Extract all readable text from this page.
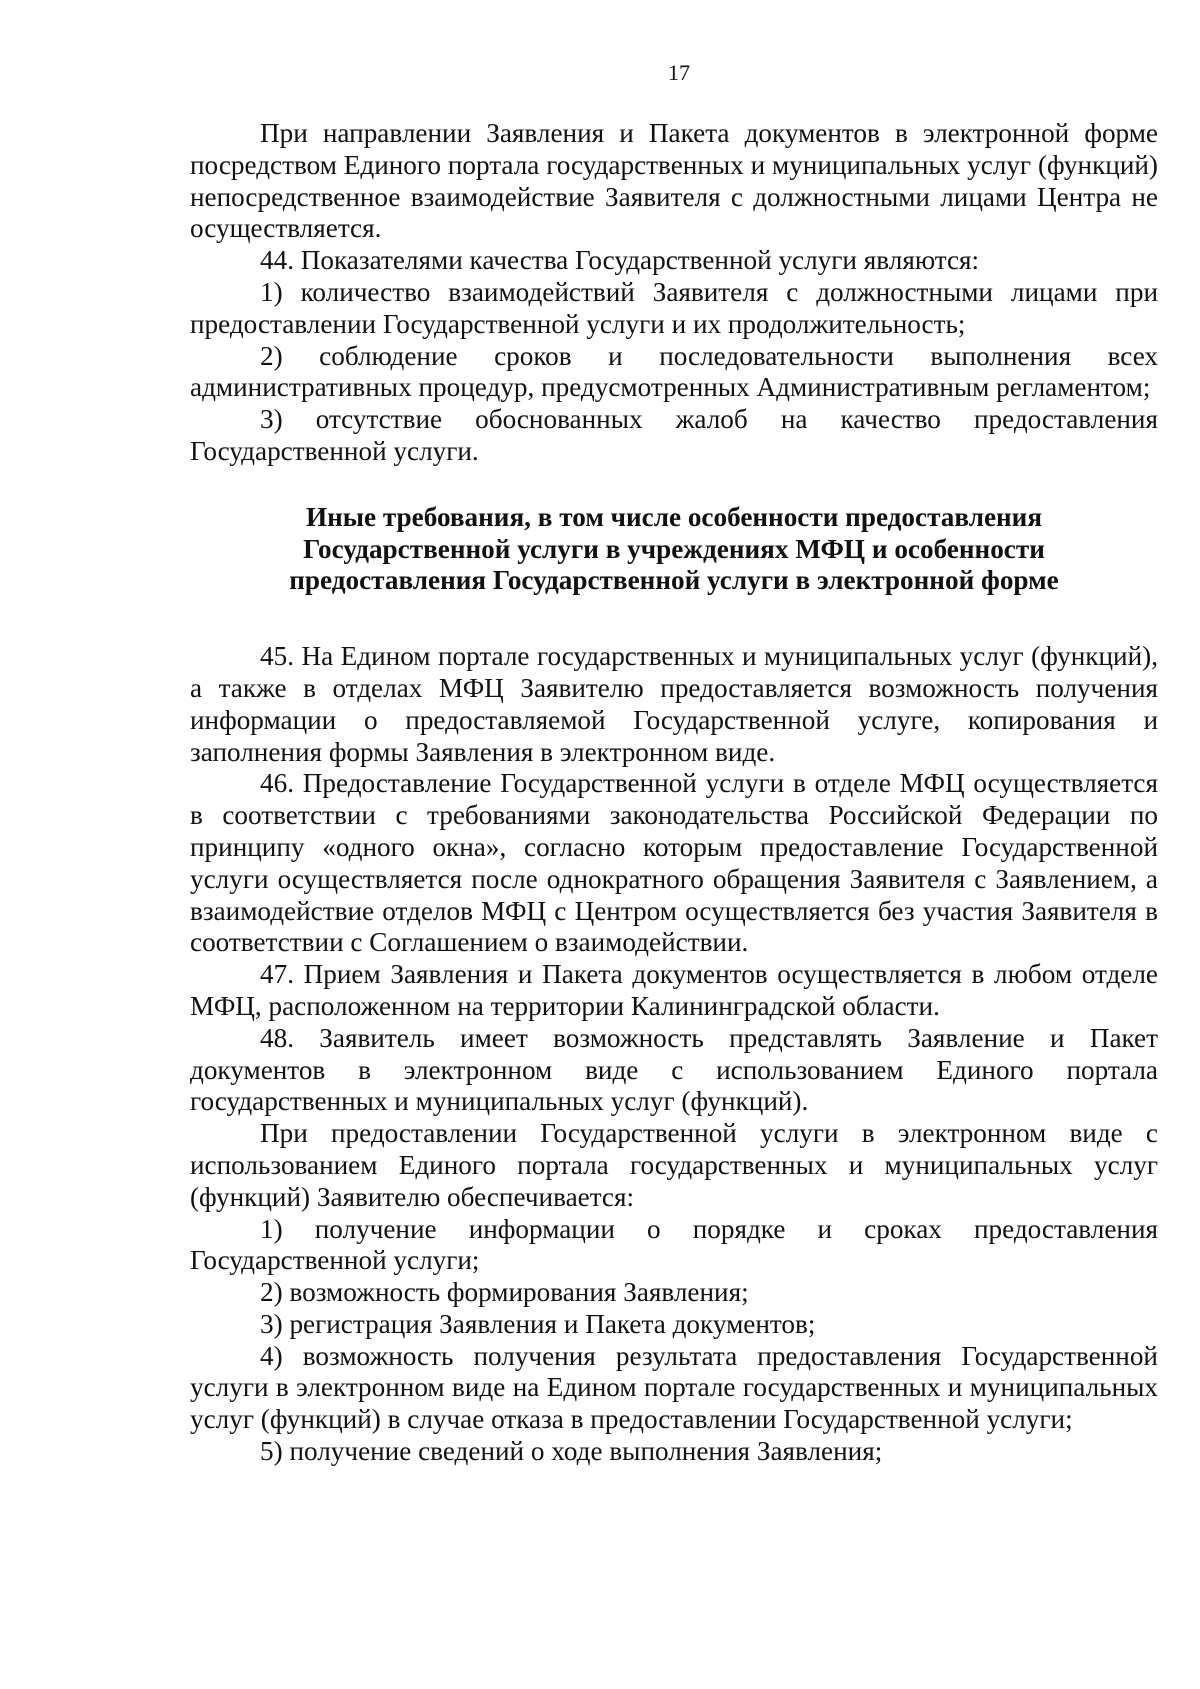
17

При направлении Заявления и Пакета документов в электронной форме посредством Единого портала государственных и муниципальных услуг (функций) непосредственное взаимодействие Заявителя с должностными лицами Центра не осуществляется.

44. Показателями качества Государственной услуги являются:

1) количество взаимодействий Заявителя с должностными лицами при предоставлении Государственной услуги и их продолжительность;

2) соблюдение сроков и последовательности выполнения всех административных процедур, предусмотренных Административным регламентом;

3) отсутствие обоснованных жалоб на качество предоставления Государственной услуги.

Иные требования, в том числе особенности предоставления Государственной услуги в учреждениях МФЦ и особенности предоставления Государственной услуги в электронной форме

45. На Едином портале государственных и муниципальных услуг (функций), а также в отделах МФЦ Заявителю предоставляется возможность получения информации о предоставляемой Государственной услуге, копирования и заполнения формы Заявления в электронном виде.

46. Предоставление Государственной услуги в отделе МФЦ осуществляется в соответствии с требованиями законодательства Российской Федерации по принципу «одного окна», согласно которым предоставление Государственной услуги осуществляется после однократного обращения Заявителя с Заявлением, а взаимодействие отделов МФЦ с Центром осуществляется без участия Заявителя в соответствии с Соглашением о взаимодействии.

47. Прием Заявления и Пакета документов осуществляется в любом отделе МФЦ, расположенном на территории Калининградской области.

48. Заявитель имеет возможность представлять Заявление и Пакет документов в электронном виде с использованием Единого портала государственных и муниципальных услуг (функций).

При предоставлении Государственной услуги в электронном виде с использованием Единого портала государственных и муниципальных услуг (функций) Заявителю обеспечивается:

1) получение информации о порядке и сроках предоставления Государственной услуги;

2) возможность формирования Заявления;

3) регистрация Заявления и Пакета документов;

4) возможность получения результата предоставления Государственной услуги в электронном виде на Едином портале государственных и муниципальных услуг (функций) в случае отказа в предоставлении Государственной услуги;

5) получение сведений о ходе выполнения Заявления;
